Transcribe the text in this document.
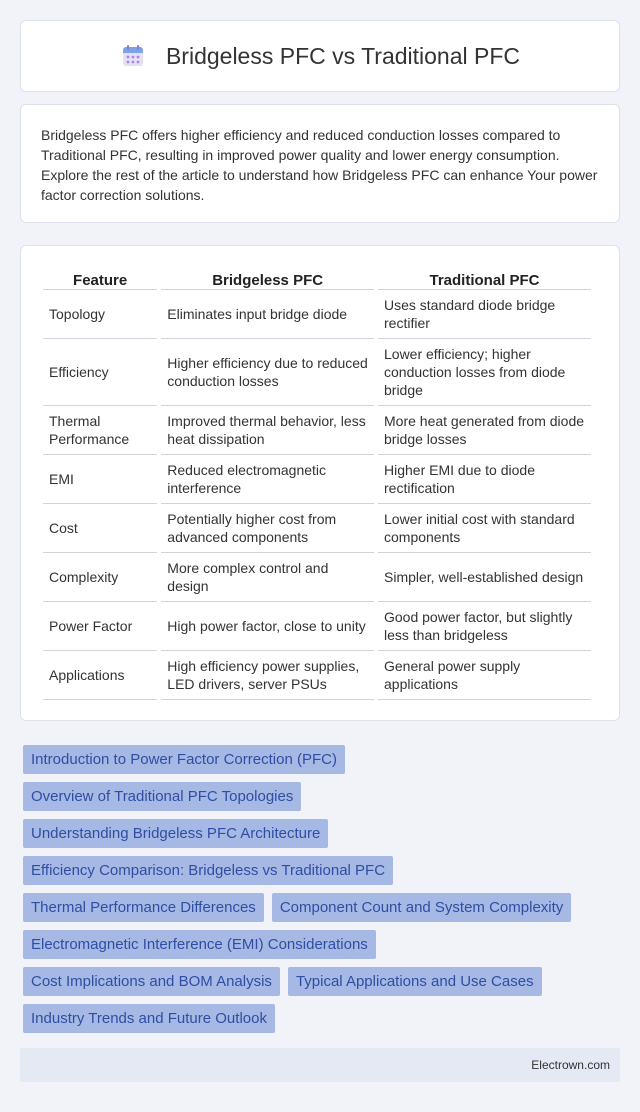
Bridgeless PFC vs Traditional PFC

Bridgeless PFC offers higher efficiency and reduced conduction losses compared to Traditional PFC, resulting in improved power quality and lower energy consumption. Explore the rest of the article to understand how Bridgeless PFC can enhance Your power factor correction solutions.

Feature	Bridgeless PFC	Traditional PFC
Topology	Eliminates input bridge diode	Uses standard diode bridge rectifier
Efficiency	Higher efficiency due to reduced conduction losses	Lower efficiency; higher conduction losses from diode bridge
Thermal Performance	Improved thermal behavior, less heat dissipation	More heat generated from diode bridge losses
EMI	Reduced electromagnetic interference	Higher EMI due to diode rectification
Cost	Potentially higher cost from advanced components	Lower initial cost with standard components
Complexity	More complex control and design	Simpler, well-established design
Power Factor	High power factor, close to unity	Good power factor, but slightly less than bridgeless
Applications	High efficiency power supplies, LED drivers, server PSUs	General power supply applications
Introduction to Power Factor Correction (PFC)
Overview of Traditional PFC Topologies
Understanding Bridgeless PFC Architecture
Efficiency Comparison: Bridgeless vs Traditional PFC
Thermal Performance Differences	Component Count and System Complexity
Electromagnetic Interference (EMI) Considerations
Cost Implications and BOM Analysis	Typical Applications and Use Cases
Industry Trends and Future Outlook
Electrown.com
